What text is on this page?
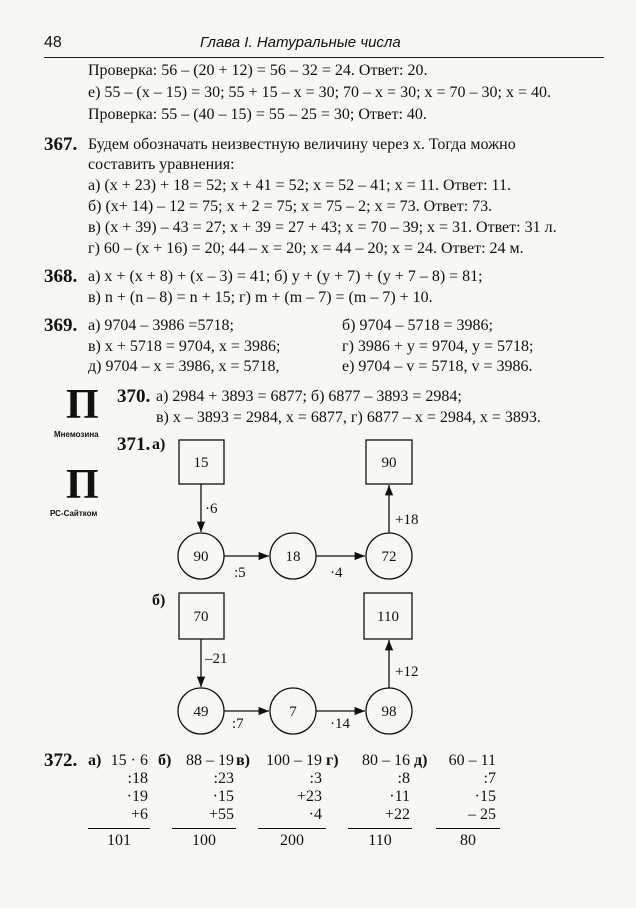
48	Глава I. Натуральные числа
Проверка: 56 – (20 + 12) = 56 – 32 = 24. Ответ: 20.
е) 55 – (х – 15) = 30; 55 + 15 – х = 30; 70 – х = 30; х = 70 – 30; х = 40.
Проверка: 55 – (40 – 15) = 55 – 25 = 30; Ответ: 40.
367. Будем обозначать неизвестную величину через х. Тогда можно
составить уравнения:
а) (х + 23) + 18 = 52; х + 41 = 52; х = 52 – 41; х = 11. Ответ: 11.
б) (х+ 14) – 12 = 75; х + 2 = 75; х = 75 – 2; х = 73. Ответ: 73.
в) (х + 39) – 43 = 27; х + 39 = 27 + 43; х = 70 – 39; х = 31. Ответ: 31 л.
г) 60 – (х + 16) = 20; 44 – х = 20; х = 44 – 20; х = 24. Ответ: 24 м.
368. а) х + (х + 8) + (х – 3) = 41; б) у + (у + 7) + (у + 7 – 8) = 81;
в) n + (n – 8) = n + 15; г) m + (m – 7) = (m – 7) + 10.
369. а) 9704 – 3986 =5718;	б) 9704 – 5718 = 3986;
в) х + 5718 = 9704, х = 3986;	г) 3986 + у = 9704, у = 5718;
д) 9704 – х = 3986, х = 5718,	е) 9704 – v = 5718, v = 3986.
П
Мнемозина
П
РС-Сайтком
370. а) 2984 + 3893 = 6877; б) 6877 – 3893 = 2984;
в) х – 3893 = 2984, х = 6877, г) 6877 – х = 2984, х = 3893.
371. а)
б)
15	90
90	18	72
·6
:5	·4
+18
70	110
49	7	98
–21
:7	·14
+12
372. а) 15 · 6
:18
·19
+6
101
б) 88 – 19
:23
·15
+55
100
в)	100 – 19
:3
+23
·4
200
г)	80 – 16
:8
·11
+22
110
д)	60 – 11
:7
·15
– 25
80
